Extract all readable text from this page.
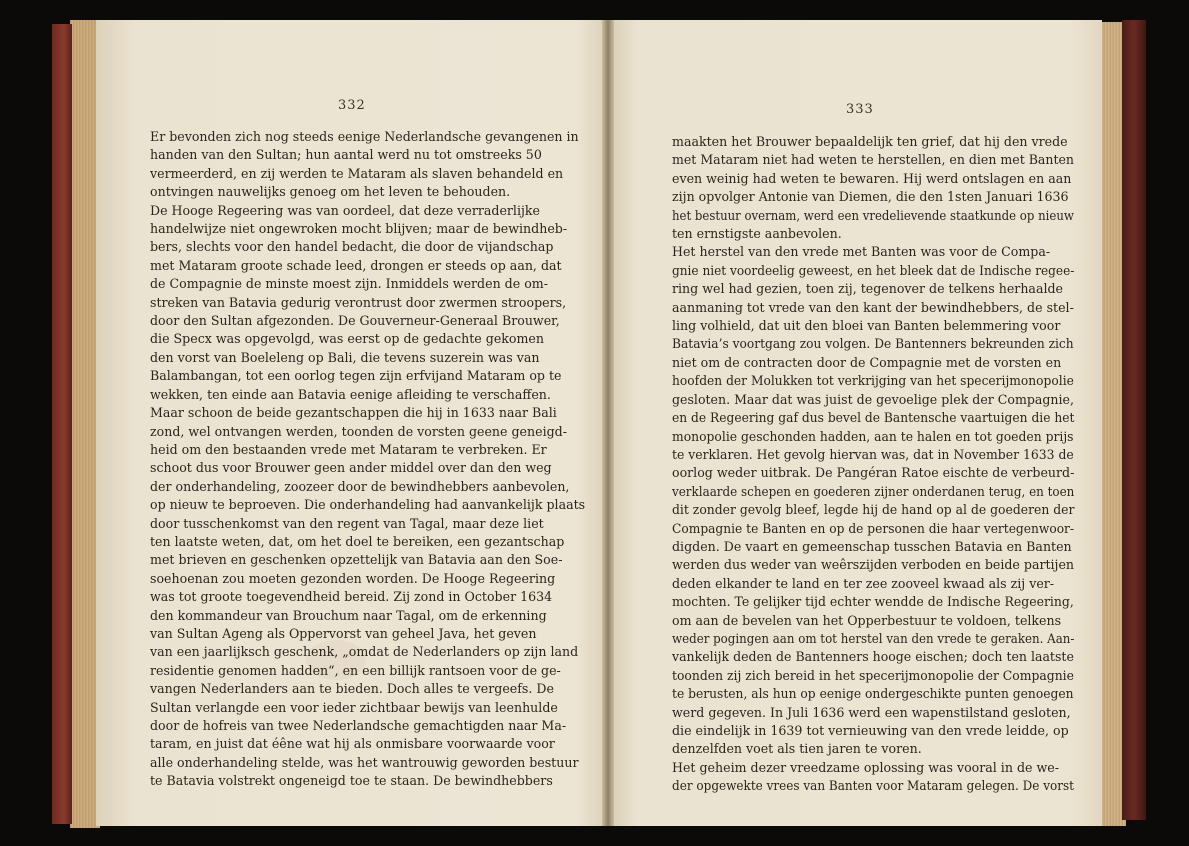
332
Er bevonden zich nog steeds eenige Nederlandsche gevangenen in
handen van den Sultan; hun aantal werd nu tot omstreeks 50
vermeerderd, en zij werden te Mataram als slaven behandeld en
ontvingen nauwelijks genoeg om het leven te behouden.
De Hooge Regeering was van oordeel, dat deze verraderlijke
handelwijze niet ongewroken mocht blijven; maar de bewindheb-
bers, slechts voor den handel bedacht, die door de vijandschap
met Mataram groote schade leed, drongen er steeds op aan, dat
de Compagnie de minste moest zijn. Inmiddels werden de om-
streken van Batavia gedurig verontrust door zwermen stroopers,
door den Sultan afgezonden. De Gouverneur-Generaal Brouwer,
die Specx was opgevolgd, was eerst op de gedachte gekomen
den vorst van Boeleleng op Bali, die tevens suzerein was van
Balambangan, tot een oorlog tegen zijn erfvijand Mataram op te
wekken, ten einde aan Batavia eenige afleiding te verschaffen.
Maar schoon de beide gezantschappen die hij in 1633 naar Bali
zond, wel ontvangen werden, toonden de vorsten geene geneigd-
heid om den bestaanden vrede met Mataram te verbreken. Er
schoot dus voor Brouwer geen ander middel over dan den weg
der onderhandeling, zoozeer door de bewindhebbers aanbevolen,
op nieuw te beproeven. Die onderhandeling had aanvankelijk plaats
door tusschenkomst van den regent van Tagal, maar deze liet
ten laatste weten, dat, om het doel te bereiken, een gezantschap
met brieven en geschenken opzettelijk van Batavia aan den Soe-
soehoenan zou moeten gezonden worden. De Hooge Regeering
was tot groote toegevendheid bereid. Zij zond in October 1634
den kommandeur van Brouchum naar Tagal, om de erkenning
van Sultan Ageng als Oppervorst van geheel Java, het geven
van een jaarlijksch geschenk, „omdat de Nederlanders op zijn land
residentie genomen hadden“, en een billijk rantsoen voor de ge-
vangen Nederlanders aan te bieden. Doch alles te vergeefs. De
Sultan verlangde een voor ieder zichtbaar bewijs van leenhulde
door de hofreis van twee Nederlandsche gemachtigden naar Ma-
taram, en juist dat éêne wat hij als onmisbare voorwaarde voor
alle onderhandeling stelde, was het wantrouwig geworden bestuur
te Batavia volstrekt ongeneigd toe te staan. De bewindhebbers
333
maakten het Brouwer bepaaldelijk ten grief, dat hij den vrede
met Mataram niet had weten te herstellen, en dien met Banten
even weinig had weten te bewaren. Hij werd ontslagen en aan
zijn opvolger Antonie van Diemen, die den 1sten Januari 1636
het bestuur overnam, werd een vredelievende staatkunde op nieuw
ten ernstigste aanbevolen.
Het herstel van den vrede met Banten was voor de Compa-
gnie niet voordeelig geweest, en het bleek dat de Indische regee-
ring wel had gezien, toen zij, tegenover de telkens herhaalde
aanmaning tot vrede van den kant der bewindhebbers, de stel-
ling volhield, dat uit den bloei van Banten belemmering voor
Batavia’s voortgang zou volgen. De Bantenners bekreunden zich
niet om de contracten door de Compagnie met de vorsten en
hoofden der Molukken tot verkrijging van het specerijmonopolie
gesloten. Maar dat was juist de gevoelige plek der Compagnie,
en de Regeering gaf dus bevel de Bantensche vaartuigen die het
monopolie geschonden hadden, aan te halen en tot goeden prijs
te verklaren. Het gevolg hiervan was, dat in November 1633 de
oorlog weder uitbrak. De Pangéran Ratoe eischte de verbeurd-
verklaarde schepen en goederen zijner onderdanen terug, en toen
dit zonder gevolg bleef, legde hij de hand op al de goederen der
Compagnie te Banten en op de personen die haar vertegenwoor-
digden. De vaart en gemeenschap tusschen Batavia en Banten
werden dus weder van weêrszijden verboden en beide partijen
deden elkander te land en ter zee zooveel kwaad als zij ver-
mochten. Te gelijker tijd echter wendde de Indische Regeering,
om aan de bevelen van het Opperbestuur te voldoen, telkens
weder pogingen aan om tot herstel van den vrede te geraken. Aan-
vankelijk deden de Bantenners hooge eischen; doch ten laatste
toonden zij zich bereid in het specerijmonopolie der Compagnie
te berusten, als hun op eenige ondergeschikte punten genoegen
werd gegeven. In Juli 1636 werd een wapenstilstand gesloten,
die eindelijk in 1639 tot vernieuwing van den vrede leidde, op
denzelfden voet als tien jaren te voren.
Het geheim dezer vreedzame oplossing was vooral in de we-
der opgewekte vrees van Banten voor Mataram gelegen. De vorst
